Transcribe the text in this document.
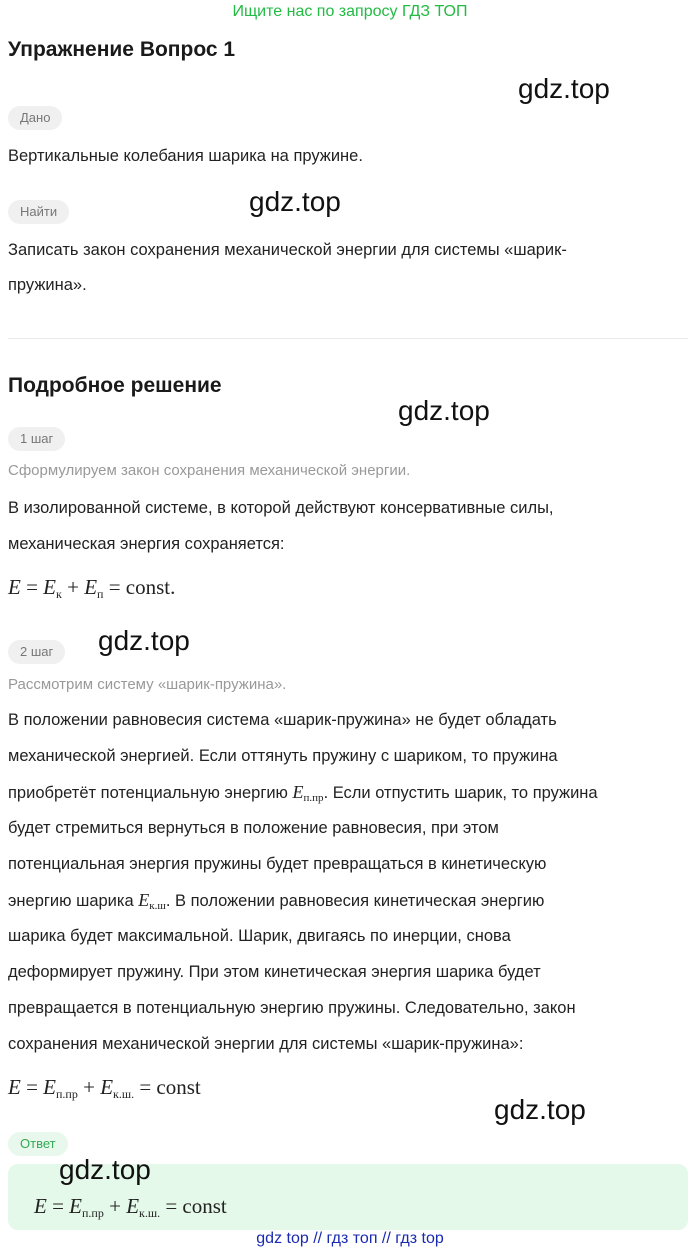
Ищите нас по запросу ГДЗ ТОП
Упражнение Вопрос 1
Дано
Вертикальные колебания шарика на пружине.
Найти
Записать закон сохранения механической энергии для системы «шарик-
пружина».
Подробное решение
1 шаг
Сформулируем закон сохранения механической энергии.
В изолированной системе, в которой действуют консервативные силы,
механическая энергия сохраняется:
$E = E_к + E_п$ = const.
2 шаг
Рассмотрим систему «шарик-пружина».
В положении равновесия система «шарик-пружина» не будет обладать
механической энергией. Если оттянуть пружину с шариком, то пружина
приобретёт потенциальную энергию $E_{п.пр}$. Если отпустить шарик, то пружина
будет стремиться вернуться в положение равновесия, при этом
потенциальная энергия пружины будет превращаться в кинетическую
энергию шарика $E_{к.ш}$. В положении равновесия кинетическая энергию
шарика будет максимальной. Шарик, двигаясь по инерции, снова
деформирует пружину. При этом кинетическая энергия шарика будет
превращается в потенциальную энергию пружины. Следовательно, закон
сохранения механической энергии для системы «шарик-пружина»:
$E = E_{п.пр} + E_{к.ш.}$ = const
Ответ
$E = E_{п.пр} + E_{к.ш.}$ = const
gdz.top
gdz.top
gdz.top
gdz.top
gdz.top
gdz.top
gdz top // гдз топ // гдз top
